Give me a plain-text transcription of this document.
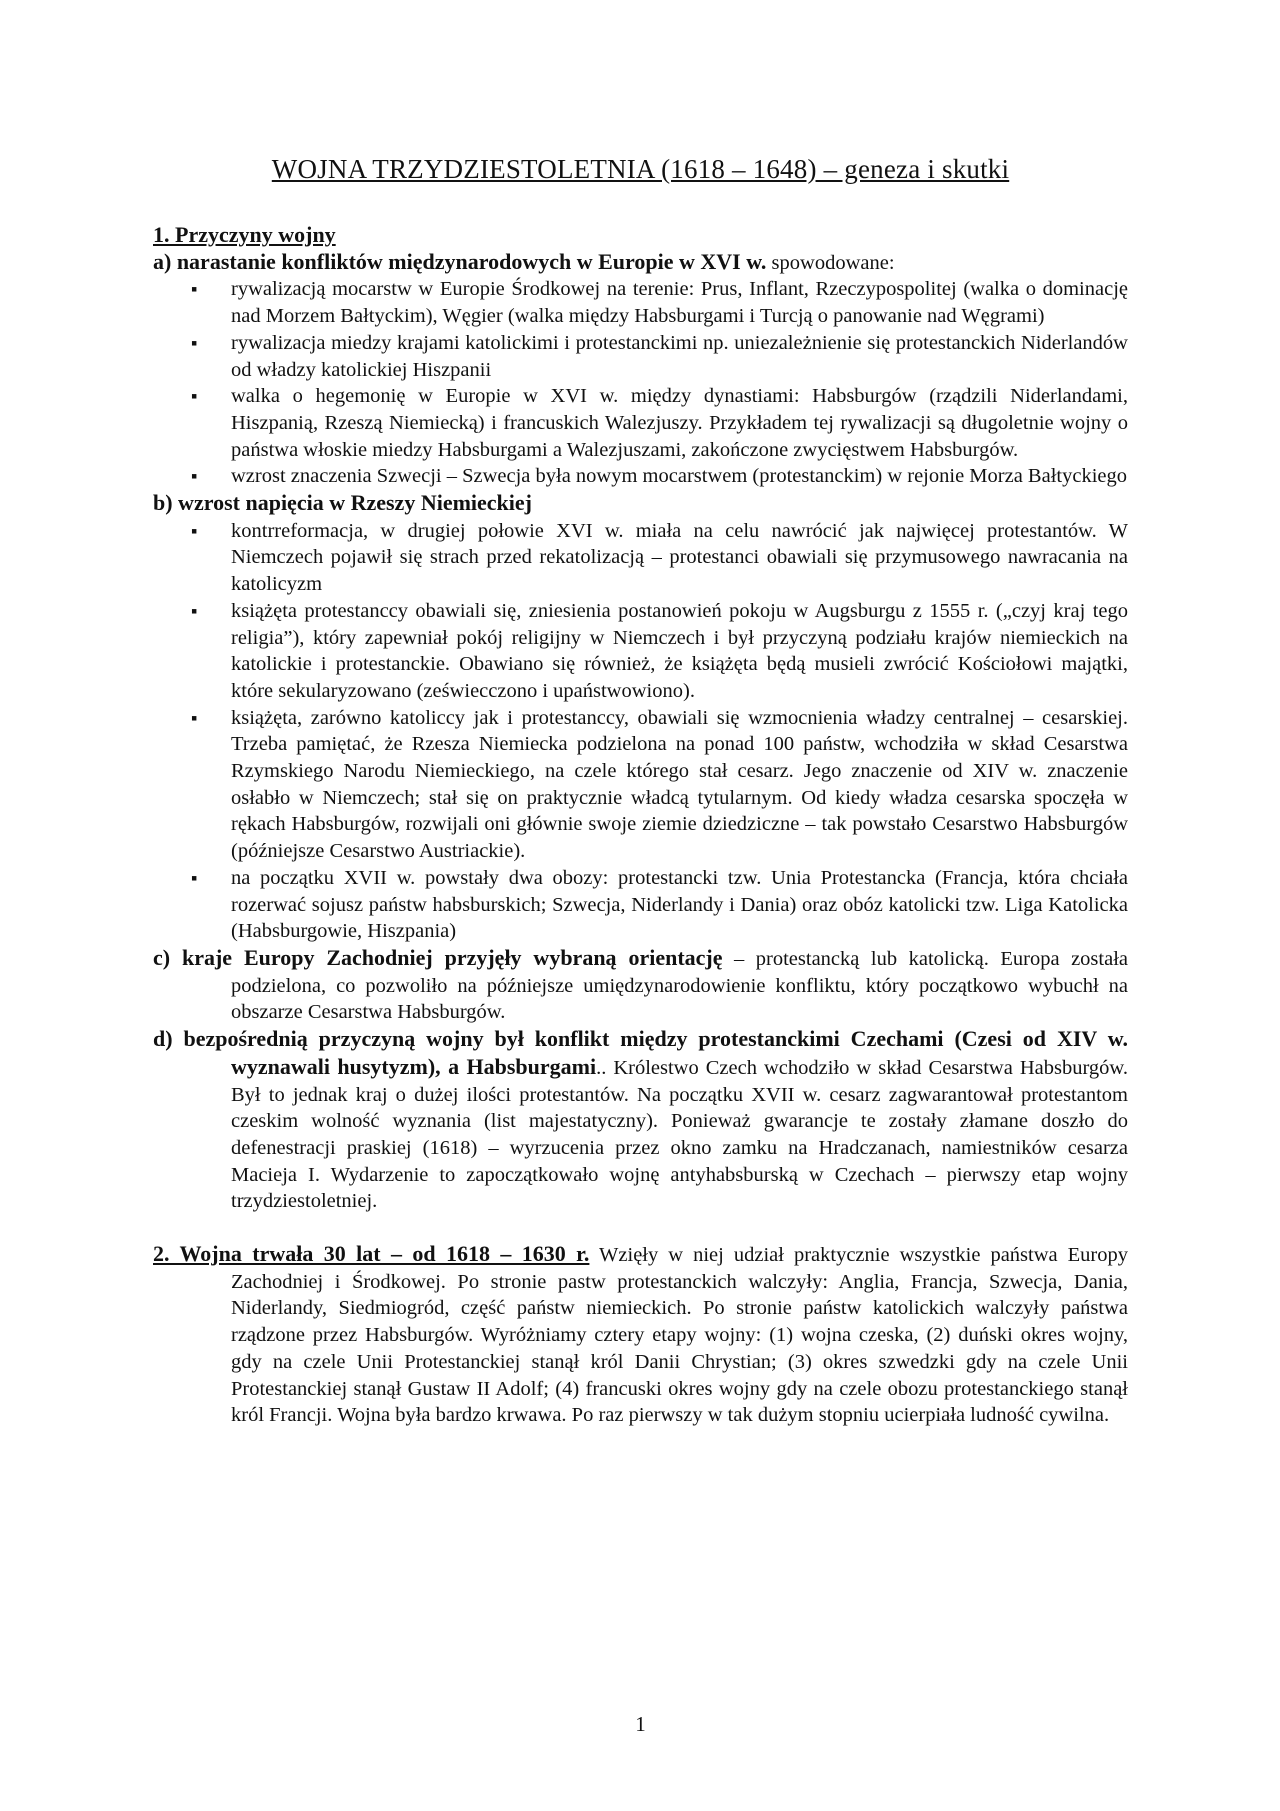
WOJNA TRZYDZIESTOLETNIA (1618 – 1648) – geneza i skutki

1. Przyczyny wojny

a) narastanie konfliktów międzynarodowych w Europie w XVI w. spowodowane:

▪ rywalizacją mocarstw w Europie Środkowej na terenie: Prus, Inflant, Rzeczypospolitej (walka o dominację nad Morzem Bałtyckim), Węgier (walka między Habsburgami i Turcją o panowanie nad Węgrami)
▪ rywalizacja miedzy krajami katolickimi i protestanckimi np. uniezależnienie się protestanckich Niderlandów od władzy katolickiej Hiszpanii
▪ walka o hegemonię w Europie w XVI w. między dynastiami: Habsburgów (rządzili Niderlandami, Hiszpanią, Rzeszą Niemiecką) i francuskich Walezjuszy. Przykładem tej rywalizacji są długoletnie wojny o państwa włoskie miedzy Habsburgami a Walezjuszami, zakończone zwycięstwem Habsburgów.
▪ wzrost znaczenia Szwecji – Szwecja była nowym mocarstwem (protestanckim) w rejonie Morza Bałtyckiego

b) wzrost napięcia w Rzeszy Niemieckiej

▪ kontrreformacja, w drugiej połowie XVI w. miała na celu nawrócić jak najwięcej protestantów. W Niemczech pojawił się strach przed rekatolizacją – protestanci obawiali się przymusowego nawracania na katolicyzm
▪ książęta protestanccy obawiali się, zniesienia postanowień pokoju w Augsburgu z 1555 r. („czyj kraj tego religia”), który zapewniał pokój religijny w Niemczech i był przyczyną podziału krajów niemieckich na katolickie i protestanckie. Obawiano się również, że książęta będą musieli zwrócić Kościołowi majątki, które sekularyzowano (zeświecczono i upaństwowiono).
▪ książęta, zarówno katoliccy jak i protestanccy, obawiali się wzmocnienia władzy centralnej – cesarskiej. Trzeba pamiętać, że Rzesza Niemiecka podzielona na ponad 100 państw, wchodziła w skład Cesarstwa Rzymskiego Narodu Niemieckiego, na czele którego stał cesarz. Jego znaczenie od XIV w. znaczenie osłabło w Niemczech; stał się on praktycznie władcą tytularnym. Od kiedy władza cesarska spoczęła w rękach Habsburgów, rozwijali oni głównie swoje ziemie dziedziczne – tak powstało Cesarstwo Habsburgów (późniejsze Cesarstwo Austriackie).
▪ na początku XVII w. powstały dwa obozy: protestancki tzw. Unia Protestancka (Francja, która chciała rozerwać sojusz państw habsburskich; Szwecja, Niderlandy i Dania) oraz obóz katolicki tzw. Liga Katolicka (Habsburgowie, Hiszpania)

c) kraje Europy Zachodniej przyjęły wybraną orientację – protestancką lub katolicką. Europa została podzielona, co pozwoliło na późniejsze umiędzynarodowienie konfliktu, który początkowo wybuchł na obszarze Cesarstwa Habsburgów.

d) bezpośrednią przyczyną wojny był konflikt między protestanckimi Czechami (Czesi od XIV w. wyznawali husytyzm), a Habsburgami.. Królestwo Czech wchodziło w skład Cesarstwa Habsburgów. Był to jednak kraj o dużej ilości protestantów. Na początku XVII w. cesarz zagwarantował protestantom czeskim wolność wyznania (list majestatyczny). Ponieważ gwarancje te zostały złamane doszło do defenestracji praskiej (1618) – wyrzucenia przez okno zamku na Hradczanach, namiestników cesarza Macieja I. Wydarzenie to zapoczątkowało wojnę antyhabsburską w Czechach – pierwszy etap wojny trzydziestoletniej.

2. Wojna trwała 30 lat – od 1618 – 1630 r. Wzięły w niej udział praktycznie wszystkie państwa Europy Zachodniej i Środkowej. Po stronie pastw protestanckich walczyły: Anglia, Francja, Szwecja, Dania, Niderlandy, Siedmiogród, część państw niemieckich. Po stronie państw katolickich walczyły państwa rządzone przez Habsburgów. Wyróżniamy cztery etapy wojny: (1) wojna czeska, (2) duński okres wojny, gdy na czele Unii Protestanckiej stanął król Danii Chrystian; (3) okres szwedzki gdy na czele Unii Protestanckiej stanął Gustaw II Adolf; (4) francuski okres wojny gdy na czele obozu protestanckiego stanął król Francji. Wojna była bardzo krwawa. Po raz pierwszy w tak dużym stopniu ucierpiała ludność cywilna.

1
